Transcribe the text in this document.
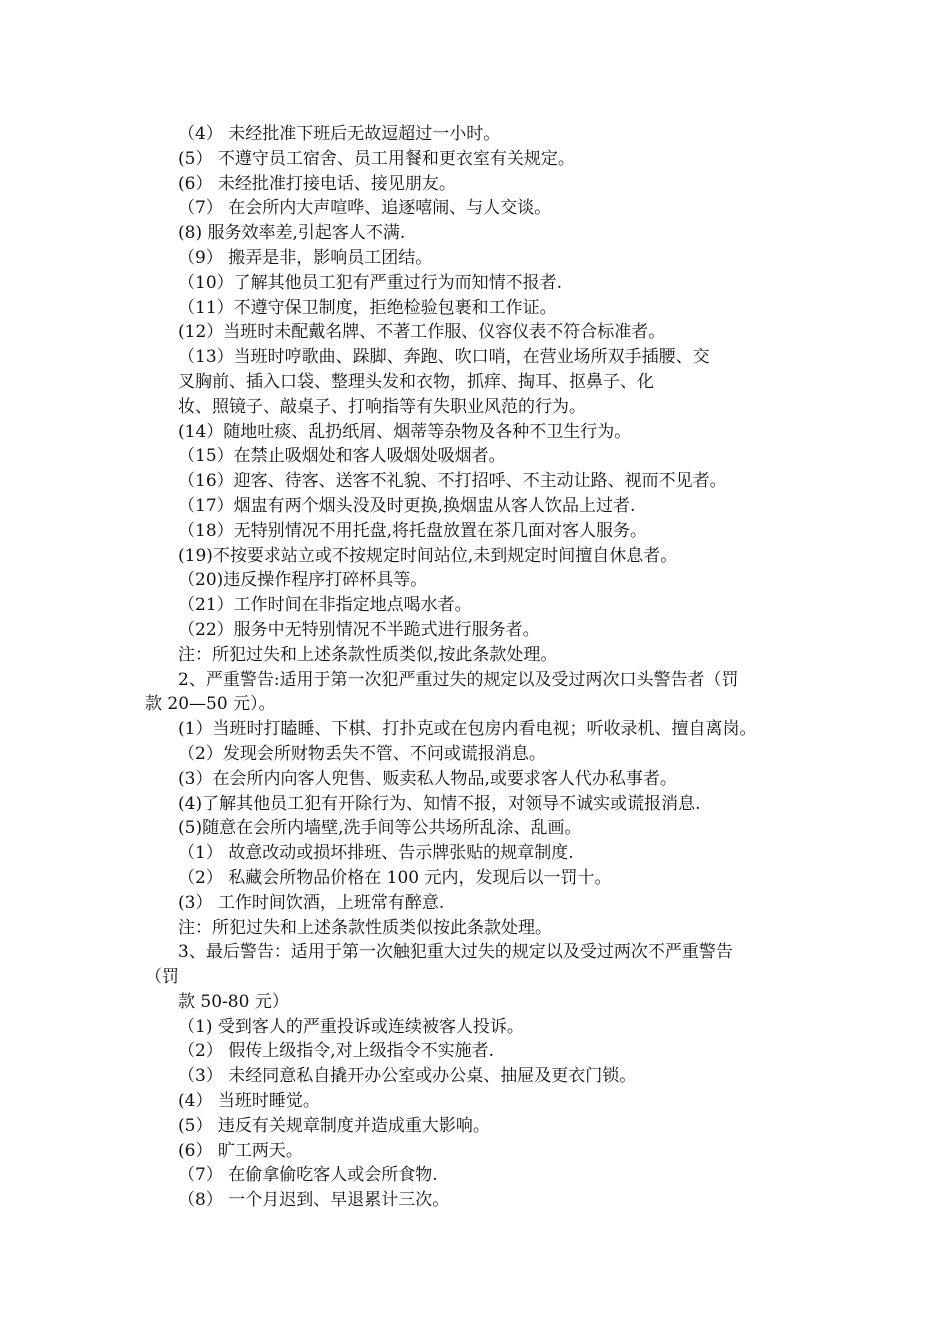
（4） 未经批准下班后无故逗超过一小时。
(5） 不遵守员工宿舍、员工用餐和更衣室有关规定。
(6） 未经批准打接电话、接见朋友。
（7） 在会所内大声喧哗、追逐嘻闹、与人交谈。
(8) 服务效率差,引起客人不满.
（9） 搬弄是非，影响员工团结。
（10）了解其他员工犯有严重过行为而知情不报者.
（11）不遵守保卫制度，拒绝检验包裹和工作证。
(12）当班时未配戴名牌、不著工作服、仪容仪表不符合标准者。
（13）当班时哼歌曲、跺脚、奔跑、吹口哨，在营业场所双手插腰、交
叉胸前、插入口袋、整理头发和衣物，抓痒、掏耳、抠鼻子、化
妆、照镜子、敲桌子、打响指等有失职业风范的行为。
(14）随地吐痰、乱扔纸屑、烟蒂等杂物及各种不卫生行为。
（15）在禁止吸烟处和客人吸烟处吸烟者。
（16）迎客、待客、送客不礼貌、不打招呼、不主动让路、视而不见者。
（17）烟盅有两个烟头没及时更换,换烟盅从客人饮品上过者.
（18）无特别情况不用托盘,将托盘放置在茶几面对客人服务。
(19)不按要求站立或不按规定时间站位,未到规定时间擅自休息者。
（20)违反操作程序打碎杯具等。
（21）工作时间在非指定地点喝水者。
（22）服务中无特别情况不半跪式进行服务者。
注：所犯过失和上述条款性质类似,按此条款处理。
2、严重警告:适用于第一次犯严重过失的规定以及受过两次口头警告者（罚
款 20—50 元）。
(1）当班时打瞌睡、下棋、打扑克或在包房内看电视；听收录机、擅自离岗。
（2）发现会所财物丢失不管、不问或谎报消息。
(3）在会所内向客人兜售、贩卖私人物品,或要求客人代办私事者。
(4)了解其他员工犯有开除行为、知情不报，对领导不诚实或谎报消息.
(5)随意在会所内墙壁,洗手间等公共场所乱涂、乱画。
（1） 故意改动或损坏排班、告示牌张贴的规章制度.
（2） 私藏会所物品价格在 100 元内，发现后以一罚十。
(3） 工作时间饮酒，上班常有醉意.
注：所犯过失和上述条款性质类似按此条款处理。
3、最后警告：适用于第一次触犯重大过失的规定以及受过两次不严重警告
（罚
款 50-80 元）
（1) 受到客人的严重投诉或连续被客人投诉。
（2） 假传上级指令,对上级指令不实施者.
（3） 未经同意私自撬开办公室或办公桌、抽屉及更衣门锁。
(4） 当班时睡觉。
(5） 违反有关规章制度并造成重大影响。
(6） 旷工两天。
（7） 在偷拿偷吃客人或会所食物.
（8） 一个月迟到、早退累计三次。
